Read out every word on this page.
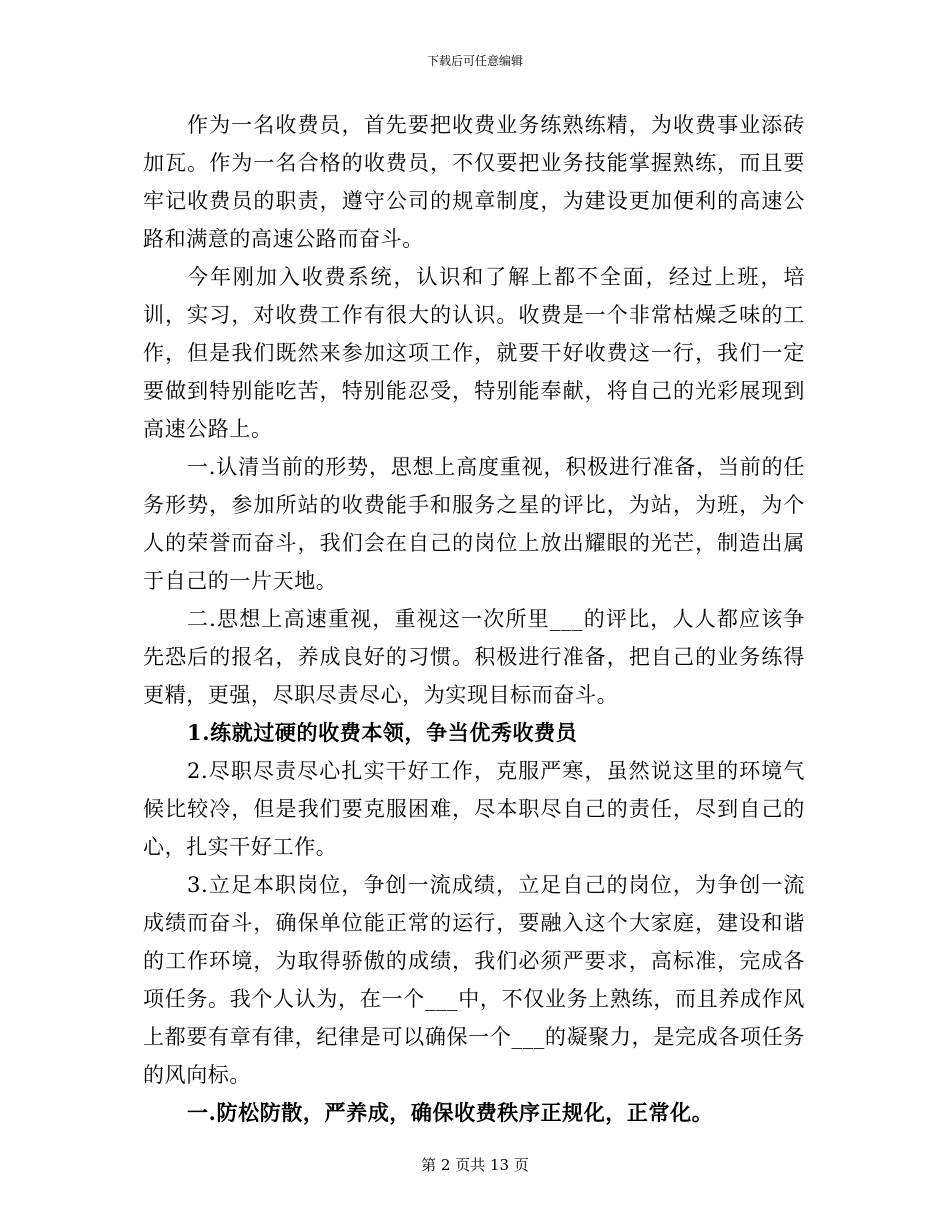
下载后可任意编辑

作为一名收费员，首先要把收费业务练熟练精，为收费事业添砖加瓦。作为一名合格的收费员，不仅要把业务技能掌握熟练，而且要牢记收费员的职责，遵守公司的规章制度，为建设更加便利的高速公路和满意的高速公路而奋斗。

今年刚加入收费系统，认识和了解上都不全面，经过上班，培训，实习，对收费工作有很大的认识。收费是一个非常枯燥乏味的工作，但是我们既然来参加这项工作，就要干好收费这一行，我们一定要做到特别能吃苦，特别能忍受，特别能奉献，将自己的光彩展现到高速公路上。

一.认清当前的形势，思想上高度重视，积极进行准备，当前的任务形势，参加所站的收费能手和服务之星的评比，为站，为班，为个人的荣誉而奋斗，我们会在自己的岗位上放出耀眼的光芒，制造出属于自己的一片天地。

二.思想上高速重视，重视这一次所里___的评比，人人都应该争先恐后的报名，养成良好的习惯。积极进行准备，把自己的业务练得更精，更强，尽职尽责尽心，为实现目标而奋斗。

1.练就过硬的收费本领，争当优秀收费员

2.尽职尽责尽心扎实干好工作，克服严寒，虽然说这里的环境气候比较冷，但是我们要克服困难，尽本职尽自己的责任，尽到自己的心，扎实干好工作。

3.立足本职岗位，争创一流成绩，立足自己的岗位，为争创一流成绩而奋斗，确保单位能正常的运行，要融入这个大家庭，建设和谐的工作环境，为取得骄傲的成绩，我们必须严要求，高标准，完成各项任务。我个人认为，在一个___中，不仅业务上熟练，而且养成作风上都要有章有律，纪律是可以确保一个___的凝聚力，是完成各项任务的风向标。

一.防松防散，严养成，确保收费秩序正规化，正常化。

第 2 页共 13 页
